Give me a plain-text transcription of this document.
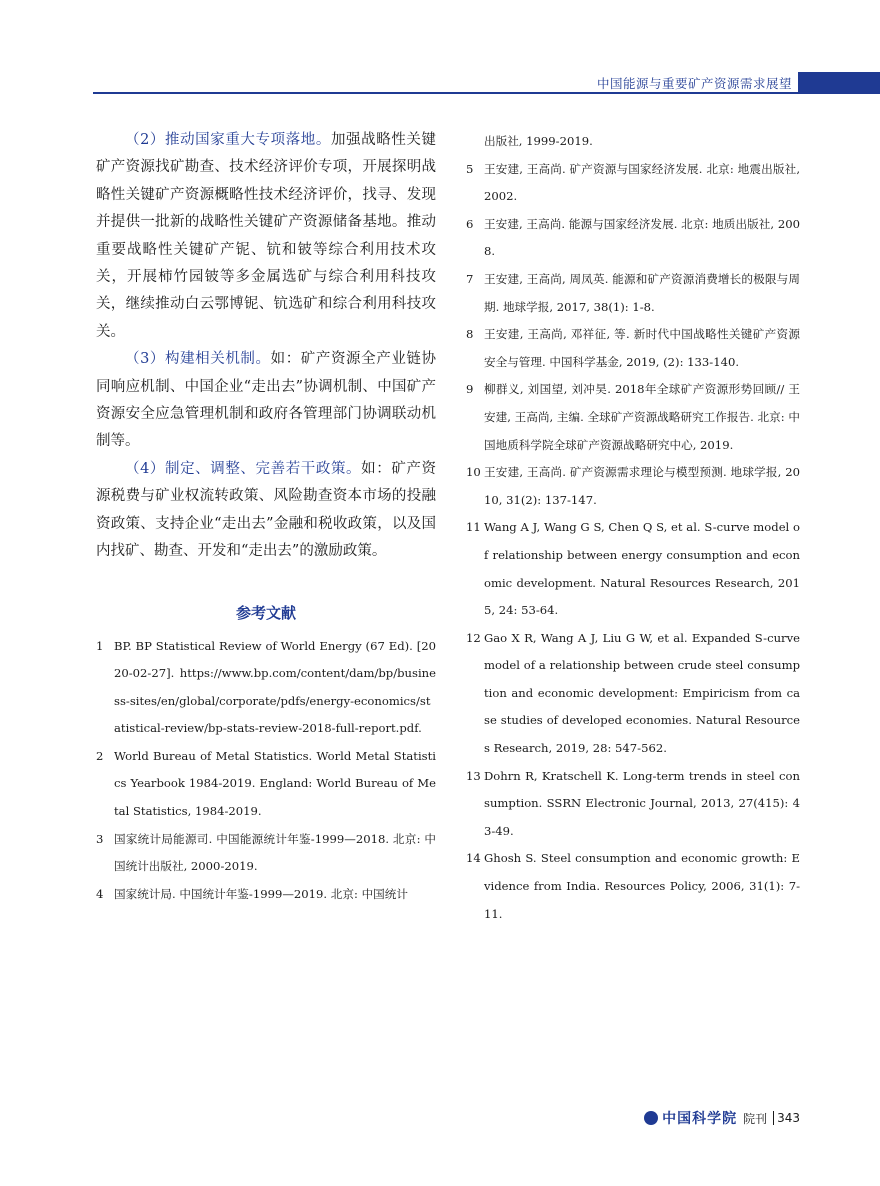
中国能源与重要矿产资源需求展望

（2）推动国家重大专项落地。加强战略性关键矿产资源找矿勘查、技术经济评价专项，开展探明战略性关键矿产资源概略性技术经济评价，找寻、发现并提供一批新的战略性关键矿产资源储备基地。推动重要战略性关键矿产铌、钪和铍等综合利用技术攻关，开展柿竹园铍等多金属选矿与综合利用科技攻关，继续推动白云鄂博铌、钪选矿和综合利用科技攻关。

（3）构建相关机制。如：矿产资源全产业链协同响应机制、中国企业“走出去”协调机制、中国矿产资源安全应急管理机制和政府各管理部门协调联动机制等。

（4）制定、调整、完善若干政策。如：矿产资源税费与矿业权流转政策、风险勘查资本市场的投融资政策、支持企业“走出去”金融和税收政策，以及国内找矿、勘查、开发和“走出去”的激励政策。

参考文献
1 BP. BP Statistical Review of World Energy (67 Ed). [2020-02-27]. https://www.bp.com/content/dam/bp/business-sites/en/global/corporate/pdfs/energy-economics/statistical-review/bp-stats-review-2018-full-report.pdf.
2 World Bureau of Metal Statistics. World Metal Statistics Yearbook 1984-2019. England: World Bureau of Metal Statistics, 1984-2019.
3 国家统计局能源司. 中国能源统计年鉴-1999—2018. 北京: 中国统计出版社, 2000-2019.
4 国家统计局. 中国统计年鉴-1999—2019. 北京: 中国统计
出版社, 1999-2019.
5 王安建, 王高尚. 矿产资源与国家经济发展. 北京: 地震出版社, 2002.
6 王安建, 王高尚. 能源与国家经济发展. 北京: 地质出版社, 2008.
7 王安建, 王高尚, 周凤英. 能源和矿产资源消费增长的极限与周期. 地球学报, 2017, 38(1): 1-8.
8 王安建, 王高尚, 邓祥征, 等. 新时代中国战略性关键矿产资源安全与管理. 中国科学基金, 2019, (2): 133-140.
9 柳群义, 刘国望, 刘冲昊. 2018年全球矿产资源形势回顾// 王安建, 王高尚, 主编. 全球矿产资源战略研究工作报告. 北京: 中国地质科学院全球矿产资源战略研究中心, 2019.
10 王安建, 王高尚. 矿产资源需求理论与模型预测. 地球学报, 2010, 31(2): 137-147.
11 Wang A J, Wang G S, Chen Q S, et al. S-curve model of relationship between energy consumption and economic development. Natural Resources Research, 2015, 24: 53-64.
12 Gao X R, Wang A J, Liu G W, et al. Expanded S-curve model of a relationship between crude steel consumption and economic development: Empiricism from case studies of developed economies. Natural Resources Research, 2019, 28: 547-562.
13 Dohrn R, Kratschell K. Long-term trends in steel consumption. SSRN Electronic Journal, 2013, 27(415): 43-49.
14 Ghosh S. Steel consumption and economic growth: Evidence from India. Resources Policy, 2006, 31(1): 7-11.
中国科学院 院刊 343
